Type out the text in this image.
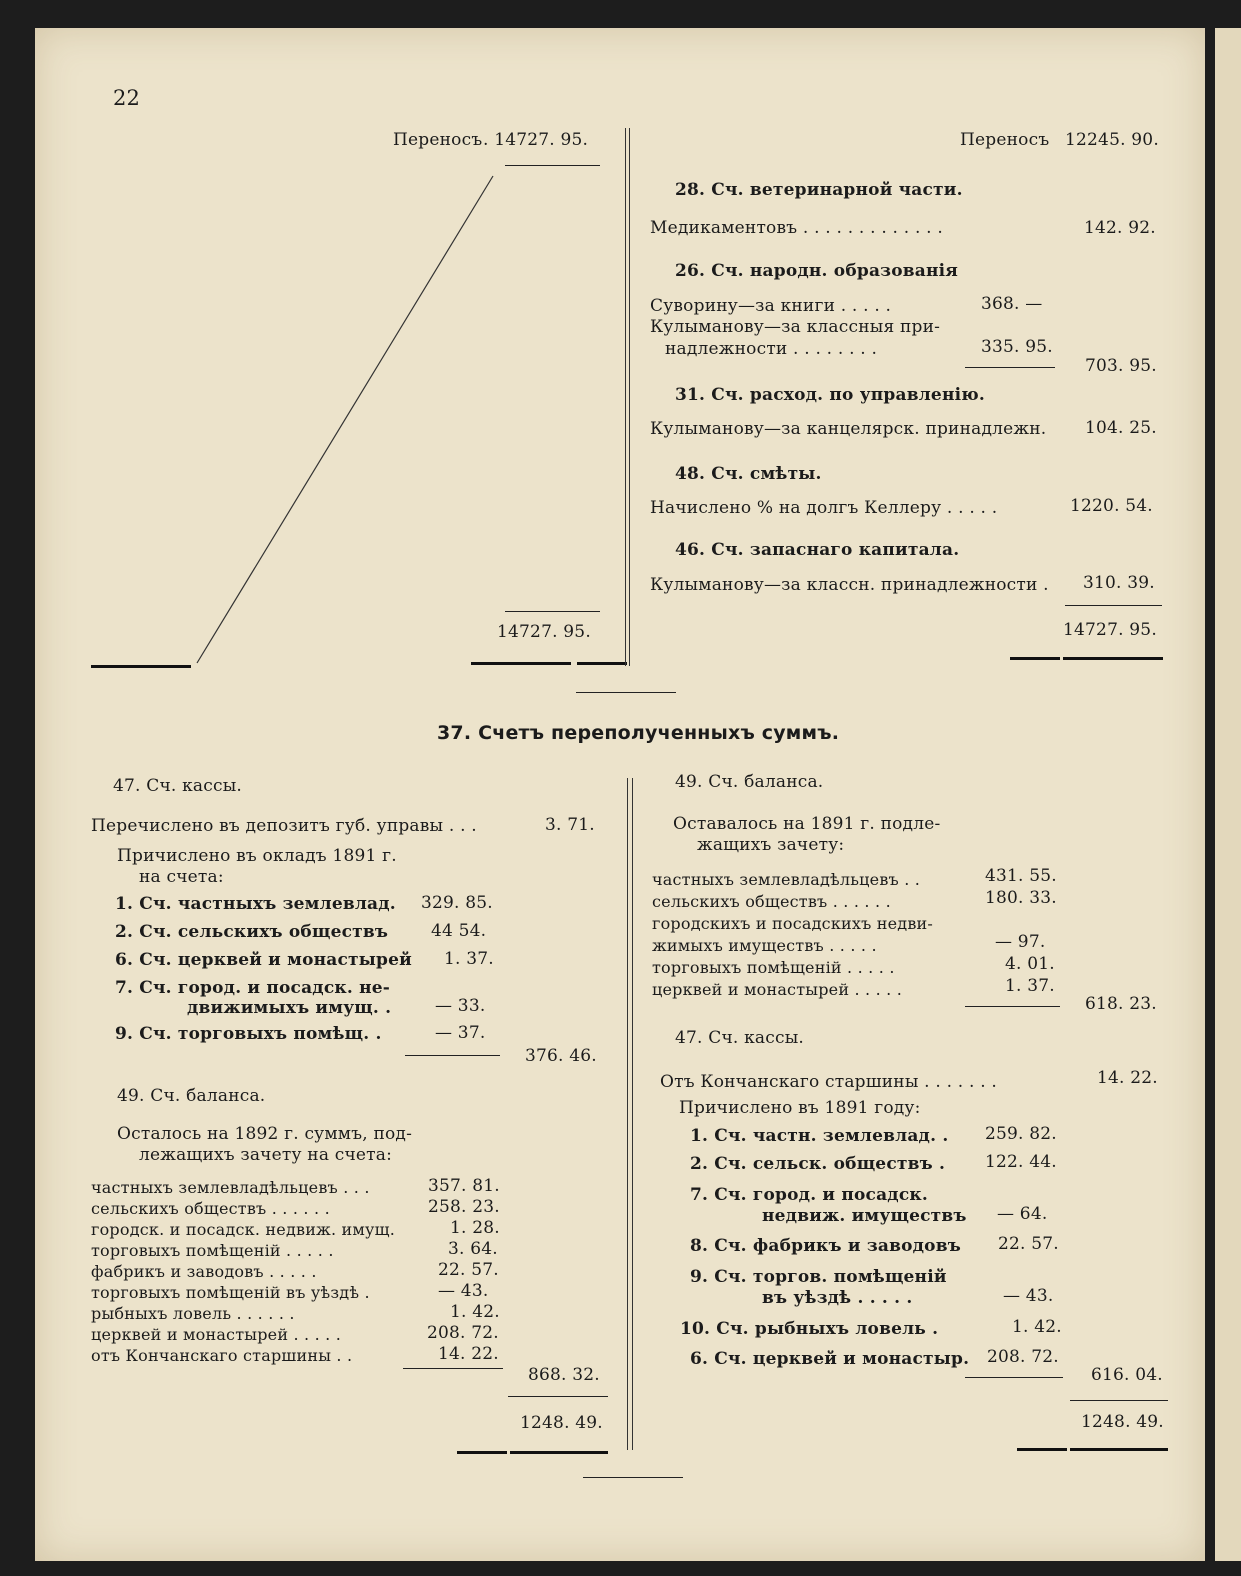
22
Переносъ . 14727. 95.
14727. 95.
Переносъ 12245. 90.
28. Сч. ветеринарной части.
Медикаментовъ . . . . . . . . . . . . .	142. 92.
26. Сч. народн. образованія
Суворину—за книги . . . . .	368. —
Кулыманову—за классныя при-
надлежности . . . . . . . .	335. 95.
703. 95.
31. Сч. расход. по управленію.
Кулыманову—за канцелярск. принадлежн. 104. 25.
48. Сч. смѣты.
Начислено % на долгъ Келлеру . . . . .	1220. 54.
46. Сч. запаснаго капитала.
Кулыманову—за классн. принадлежности . 310. 39.
14727. 95.
37. Счетъ переполученныхъ суммъ.
47. Сч. кассы.
Перечислено въ депозитъ губ. управы . . .	3. 71.
Причислено въ окладъ 1891 г.
на счета:
1. Сч. частныхъ землевлад. 329. 85.
2. Сч. сельскихъ обществъ	44 54.
6. Сч. церквей и монастырей 1. 37.
7. Сч. город. и посадск. не-
движимыхъ имущ. .	— 33.
9. Сч. торговыхъ помѣщ. .	— 37.
376. 46.
49. Сч. баланса.
Осталось на 1892 г. суммъ, под-
лежащихъ зачету на счета:
частныхъ землевладѣльцевъ . . .	357. 81.
сельскихъ обществъ . . . . . .	258. 23.
городск. и посадск. недвиж. имущ.	1. 28.
торговыхъ помѣщеній . . . . .	3. 64.
фабрикъ и заводовъ . . . . .	22. 57.
торговыхъ помѣщеній въ уѣздѣ .	— 43.
рыбныхъ ловель . . . . . .	1. 42.
церквей и монастырей . . . . .	208. 72.
отъ Кончанскаго старшины . .	14. 22.
868. 32.
1248. 49.
49. Сч. баланса.
Оставалось на 1891 г. подле-
жащихъ зачету:
частныхъ землевладѣльцевъ . .	431. 55.
сельскихъ обществъ . . . . . .	180. 33.
городскихъ и посадскихъ недви-
жимыхъ имуществъ . . . . .	— 97.
торговыхъ помѣщеній . . . . .	4. 01.
церквей и монастырей . . . . .	1. 37.
618. 23.
47. Сч. кассы.
Отъ Кончанскаго старшины . . . . . . .	14. 22.
Причислено въ 1891 году:
1. Сч. частн. землевлад. . 259. 82.
2. Сч. сельск. обществъ . 122. 44.
7. Сч. город. и посадск.
недвиж. имуществъ — 64.
8. Сч. фабрикъ и заводовъ 22. 57.
9. Сч. торгов. помѣщеній
въ уѣздѣ . . . . .	— 43.
10. Сч. рыбныхъ ловель .	1. 42.
6. Сч. церквей и монастыр. 208. 72.
616. 04.
1248. 49.
